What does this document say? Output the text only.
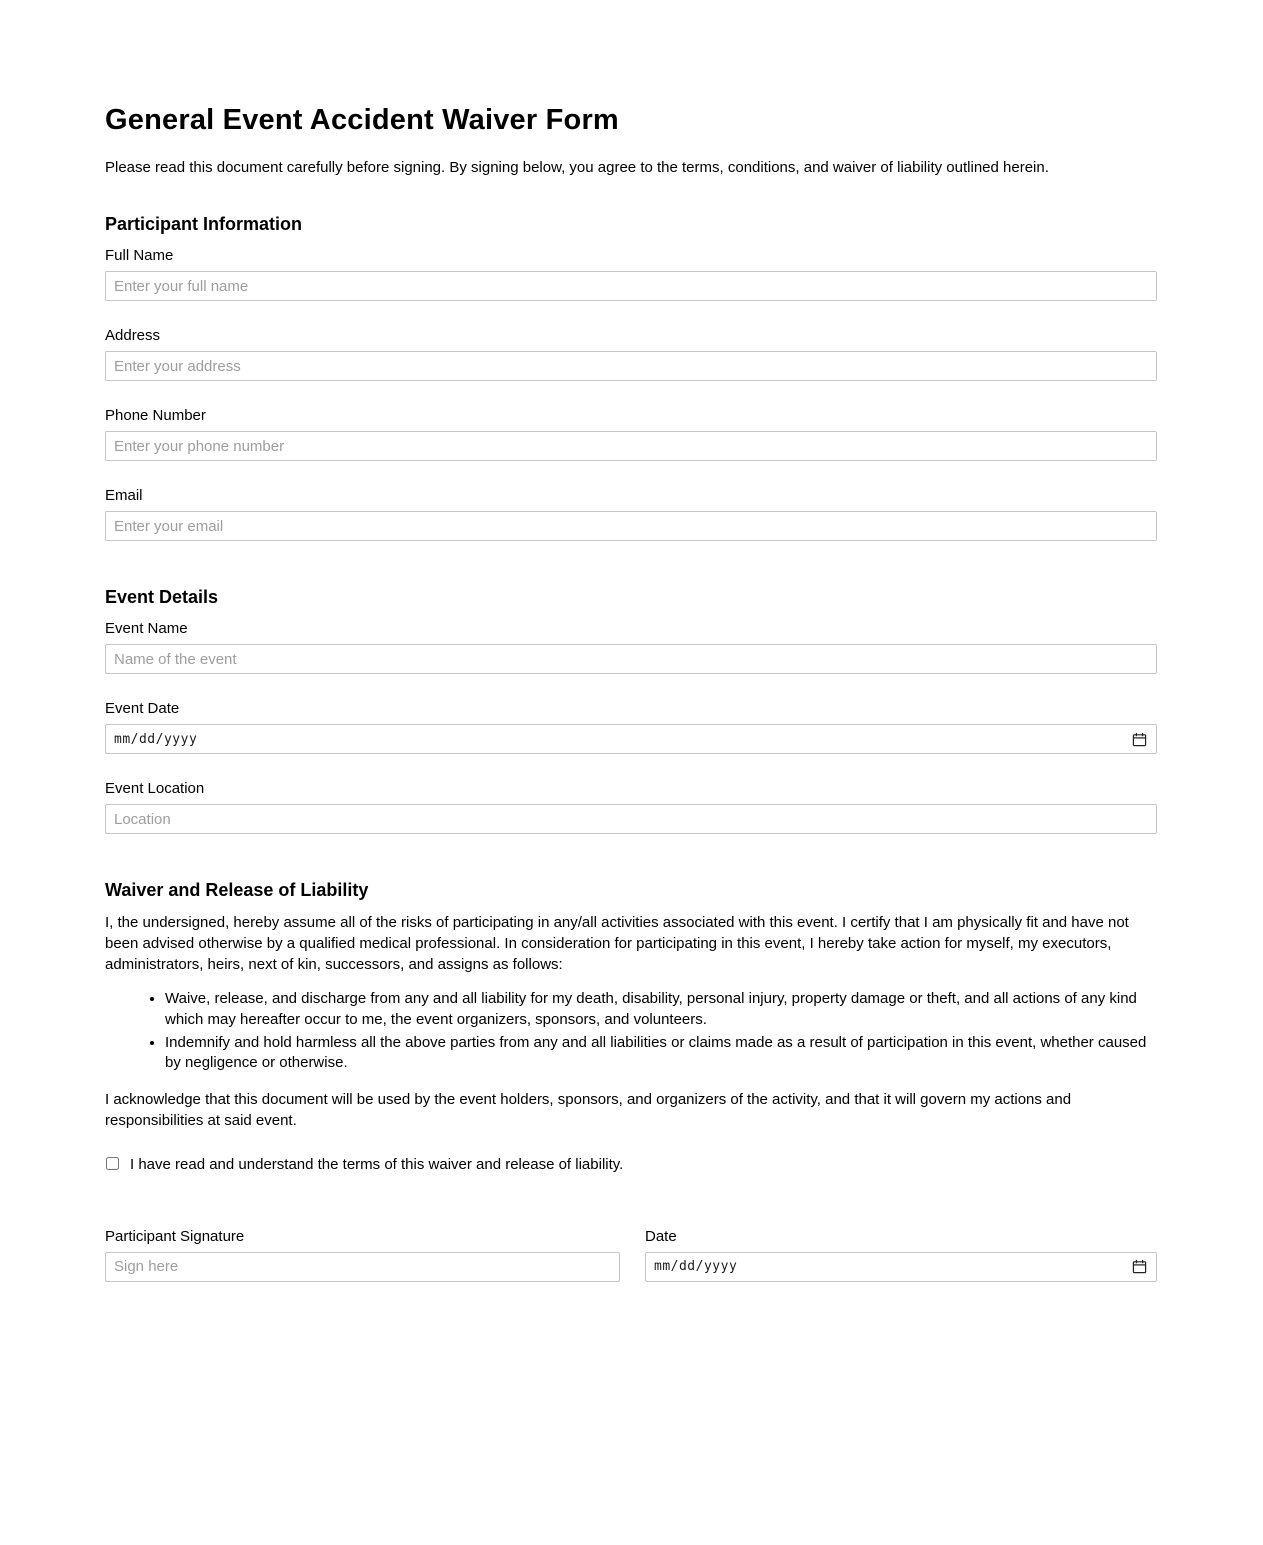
General Event Accident Waiver Form

Please read this document carefully before signing. By signing below, you agree to the terms, conditions, and waiver of liability outlined herein.

Participant Information
Full Name
Enter your full name
Address
Enter your address
Phone Number
Enter your phone number
Email
Enter your email
Event Details
Event Name
Name of the event
Event Date
mm/dd/yyyy
Event Location
Location
Waiver and Release of Liability

I, the undersigned, hereby assume all of the risks of participating in any/all activities associated with this event. I certify that I am physically fit and have not been advised otherwise by a qualified medical professional. In consideration for participating in this event, I hereby take action for myself, my executors, administrators, heirs, next of kin, successors, and assigns as follows:

• Waive, release, and discharge from any and all liability for my death, disability, personal injury, property damage or theft, and all actions of any kind which may hereafter occur to me, the event organizers, sponsors, and volunteers.
• Indemnify and hold harmless all the above parties from any and all liabilities or claims made as a result of participation in this event, whether caused by negligence or otherwise.

I acknowledge that this document will be used by the event holders, sponsors, and organizers of the activity, and that it will govern my actions and responsibilities at said event.

I have read and understand the terms of this waiver and release of liability.
Participant Signature
Sign here	Date
mm/dd/yyyy
